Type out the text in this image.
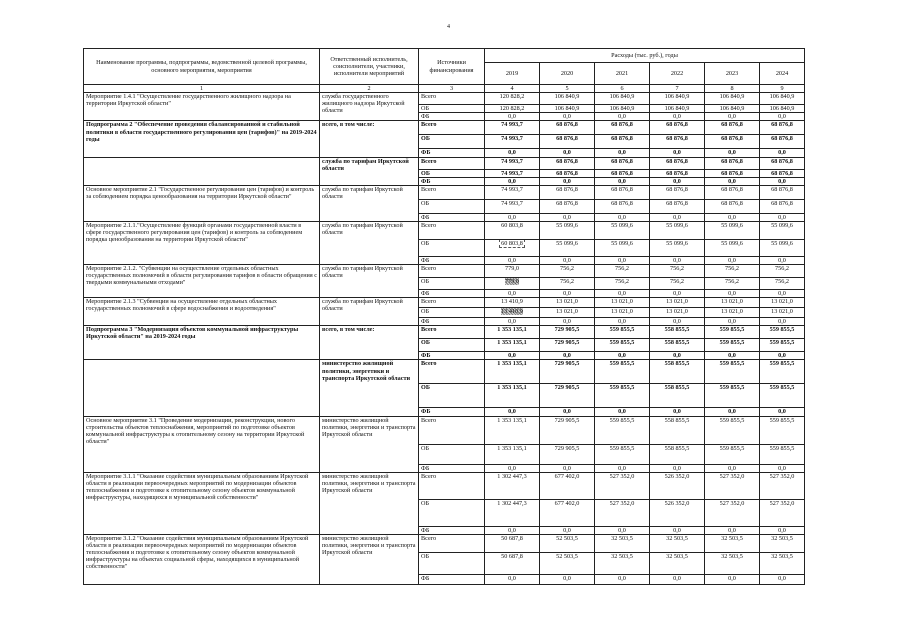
4
Наименование программы, подпрограммы, ведомственной целевой программы, основного мероприятия, мероприятия	Ответственный исполнитель, соисполнители, участники, исполнители мероприятий	Источники финансирования	Расходы (тыс. руб.), годы					
			2019	2020	2021	2022	2023	2024
1	2	3	4	5	6	7	8	9
Мероприятие 1.4.1 "Осуществление государственного жилищного надзора на территории Иркутской области"	служба государственного жилищного надзора Иркутской области	Всего	120 828,2	106 840,9	106 840,9	106 840,9	106 840,9	106 840,9
		ОБ	120 828,2	106 840,9	106 840,9	106 840,9	106 840,9	106 840,9
		ФБ	0,0	0,0	0,0	0,0	0,0	0,0
Подпрограмма 2 "Обеспечение проведения сбалансированной и стабильной политики в области государственного регулирования цен (тарифов)" на 2019-2024 годы	всего, в том числе:	Всего	74 993,7	68 876,8	68 876,8	68 876,8	68 876,8	68 876,8
		ОБ	74 993,7	68 876,8	68 876,8	68 876,8	68 876,8	68 876,8
		ФБ	0,0	0,0	0,0	0,0	0,0	0,0
	служба по тарифам Иркутской области	Всего	74 993,7	68 876,8	68 876,8	68 876,8	68 876,8	68 876,8
		ОБ	74 993,7	68 876,8	68 876,8	68 876,8	68 876,8	68 876,8
		ФБ	0,0	0,0	0,0	0,0	0,0	0,0
Основное мероприятие 2.1 "Государственное регулирование цен (тарифов) и контроль за соблюдением порядка ценообразования на территории Иркутской области"	служба по тарифам Иркутской области	Всего	74 993,7	68 876,8	68 876,8	68 876,8	68 876,8	68 876,8
		ОБ	74 993,7	68 876,8	68 876,8	68 876,8	68 876,8	68 876,8
		ФБ	0,0	0,0	0,0	0,0	0,0	0,0
Мероприятие 2.1.1."Осуществление функций органами государственной власти в сфере государственного регулирования цен (тарифов) и контроль за соблюдением порядка ценообразования на территории Иркутской области"	служба по тарифам Иркутской области	Всего	60 803,8	55 099,6	55 099,6	55 099,6	55 099,6	55 099,6
		ОБ	60 803,8	55 099,6	55 099,6	55 099,6	55 099,6	55 099,6
		ФБ	0,0	0,0	0,0	0,0	0,0	0,0
Мероприятие 2.1.2. "Субвенции на осуществление отдельных областных государственных полномочий в области регулирования тарифов в области обращения с твердыми коммунальными отходами"	служба по тарифам Иркутской области	Всего	779,0	756,2	756,2	756,2	756,2	756,2
		ОБ	779,0	756,2	756,2	756,2	756,2	756,2
		ФБ	0,0	0,0	0,0	0,0	0,0	0,0
Мероприятие 2.1.3 "Субвенции на осуществление отдельных областных государственных полномочий в сфере водоснабжения и водоотведения"	служба по тарифам Иркутской области	Всего	13 410,9	13 021,0	13 021,0	13 021,0	13 021,0	13 021,0
		ОБ	13 410,9	13 021,0	13 021,0	13 021,0	13 021,0	13 021,0
		ФБ	0,0	0,0	0,0	0,0	0,0	0,0
Подпрограмма 3 "Модернизация объектов коммунальной инфраструктуры Иркутской области" на 2019-2024 годы	всего, в том числе:	Всего	1 353 135,1	729 905,5	559 855,5	558 855,5	559 855,5	559 855,5
		ОБ	1 353 135,1	729 905,5	559 855,5	558 855,5	559 855,5	559 855,5
		ФБ	0,0	0,0	0,0	0,0	0,0	0,0
	министерство жилищной политики, энергетики и транспорта Иркутской области	Всего	1 353 135,1	729 905,5	559 855,5	558 855,5	559 855,5	559 855,5
		ОБ	1 353 135,1	729 905,5	559 855,5	558 855,5	559 855,5	559 855,5
		ФБ	0,0	0,0	0,0	0,0	0,0	0,0
Основное мероприятие 3.1 "Проведение модернизации, реконструкции, нового строительства объектов теплоснабжения, мероприятий по подготовке объектов коммунальной инфраструктуры к отопительному сезону на территории Иркутской области"	министерство жилищной политики, энергетики и транспорта Иркутской области	Всего	1 353 135,1	729 905,5	559 855,5	558 855,5	559 855,5	559 855,5
		ОБ	1 353 135,1	729 905,5	559 855,5	558 855,5	559 855,5	559 855,5
		ФБ	0,0	0,0	0,0	0,0	0,0	0,0
Мероприятие 3.1.1 "Оказание содействия муниципальным образованиям Иркутской области в реализации первоочередных мероприятий по модернизации объектов теплоснабжения и подготовке к отопительному сезону объектов коммунальной инфраструктуры, находящихся в муниципальной собственности"	министерство жилищной политики, энергетики и транспорта Иркутской области	Всего	1 302 447,3	677 402,0	527 352,0	526 352,0	527 352,0	527 352,0
		ОБ	1 302 447,3	677 402,0	527 352,0	526 352,0	527 352,0	527 352,0
		ФБ	0,0	0,0	0,0	0,0	0,0	0,0
Мероприятие 3.1.2 "Оказание содействия муниципальным образованиям Иркутской области в реализации первоочередных мероприятий по модернизации объектов теплоснабжения и подготовке к отопительному сезону объектов коммунальной инфраструктуры на объектах социальной сферы, находящихся в муниципальной собственности"	министерство жилищной политики, энергетики и транспорта Иркутской области	Всего	50 687,8	52 503,5	32 503,5	32 503,5	32 503,5	32 503,5
		ОБ	50 687,8	52 503,5	32 503,5	32 503,5	32 503,5	32 503,5
		ФБ	0,0	0,0	0,0	0,0	0,0	0,0
